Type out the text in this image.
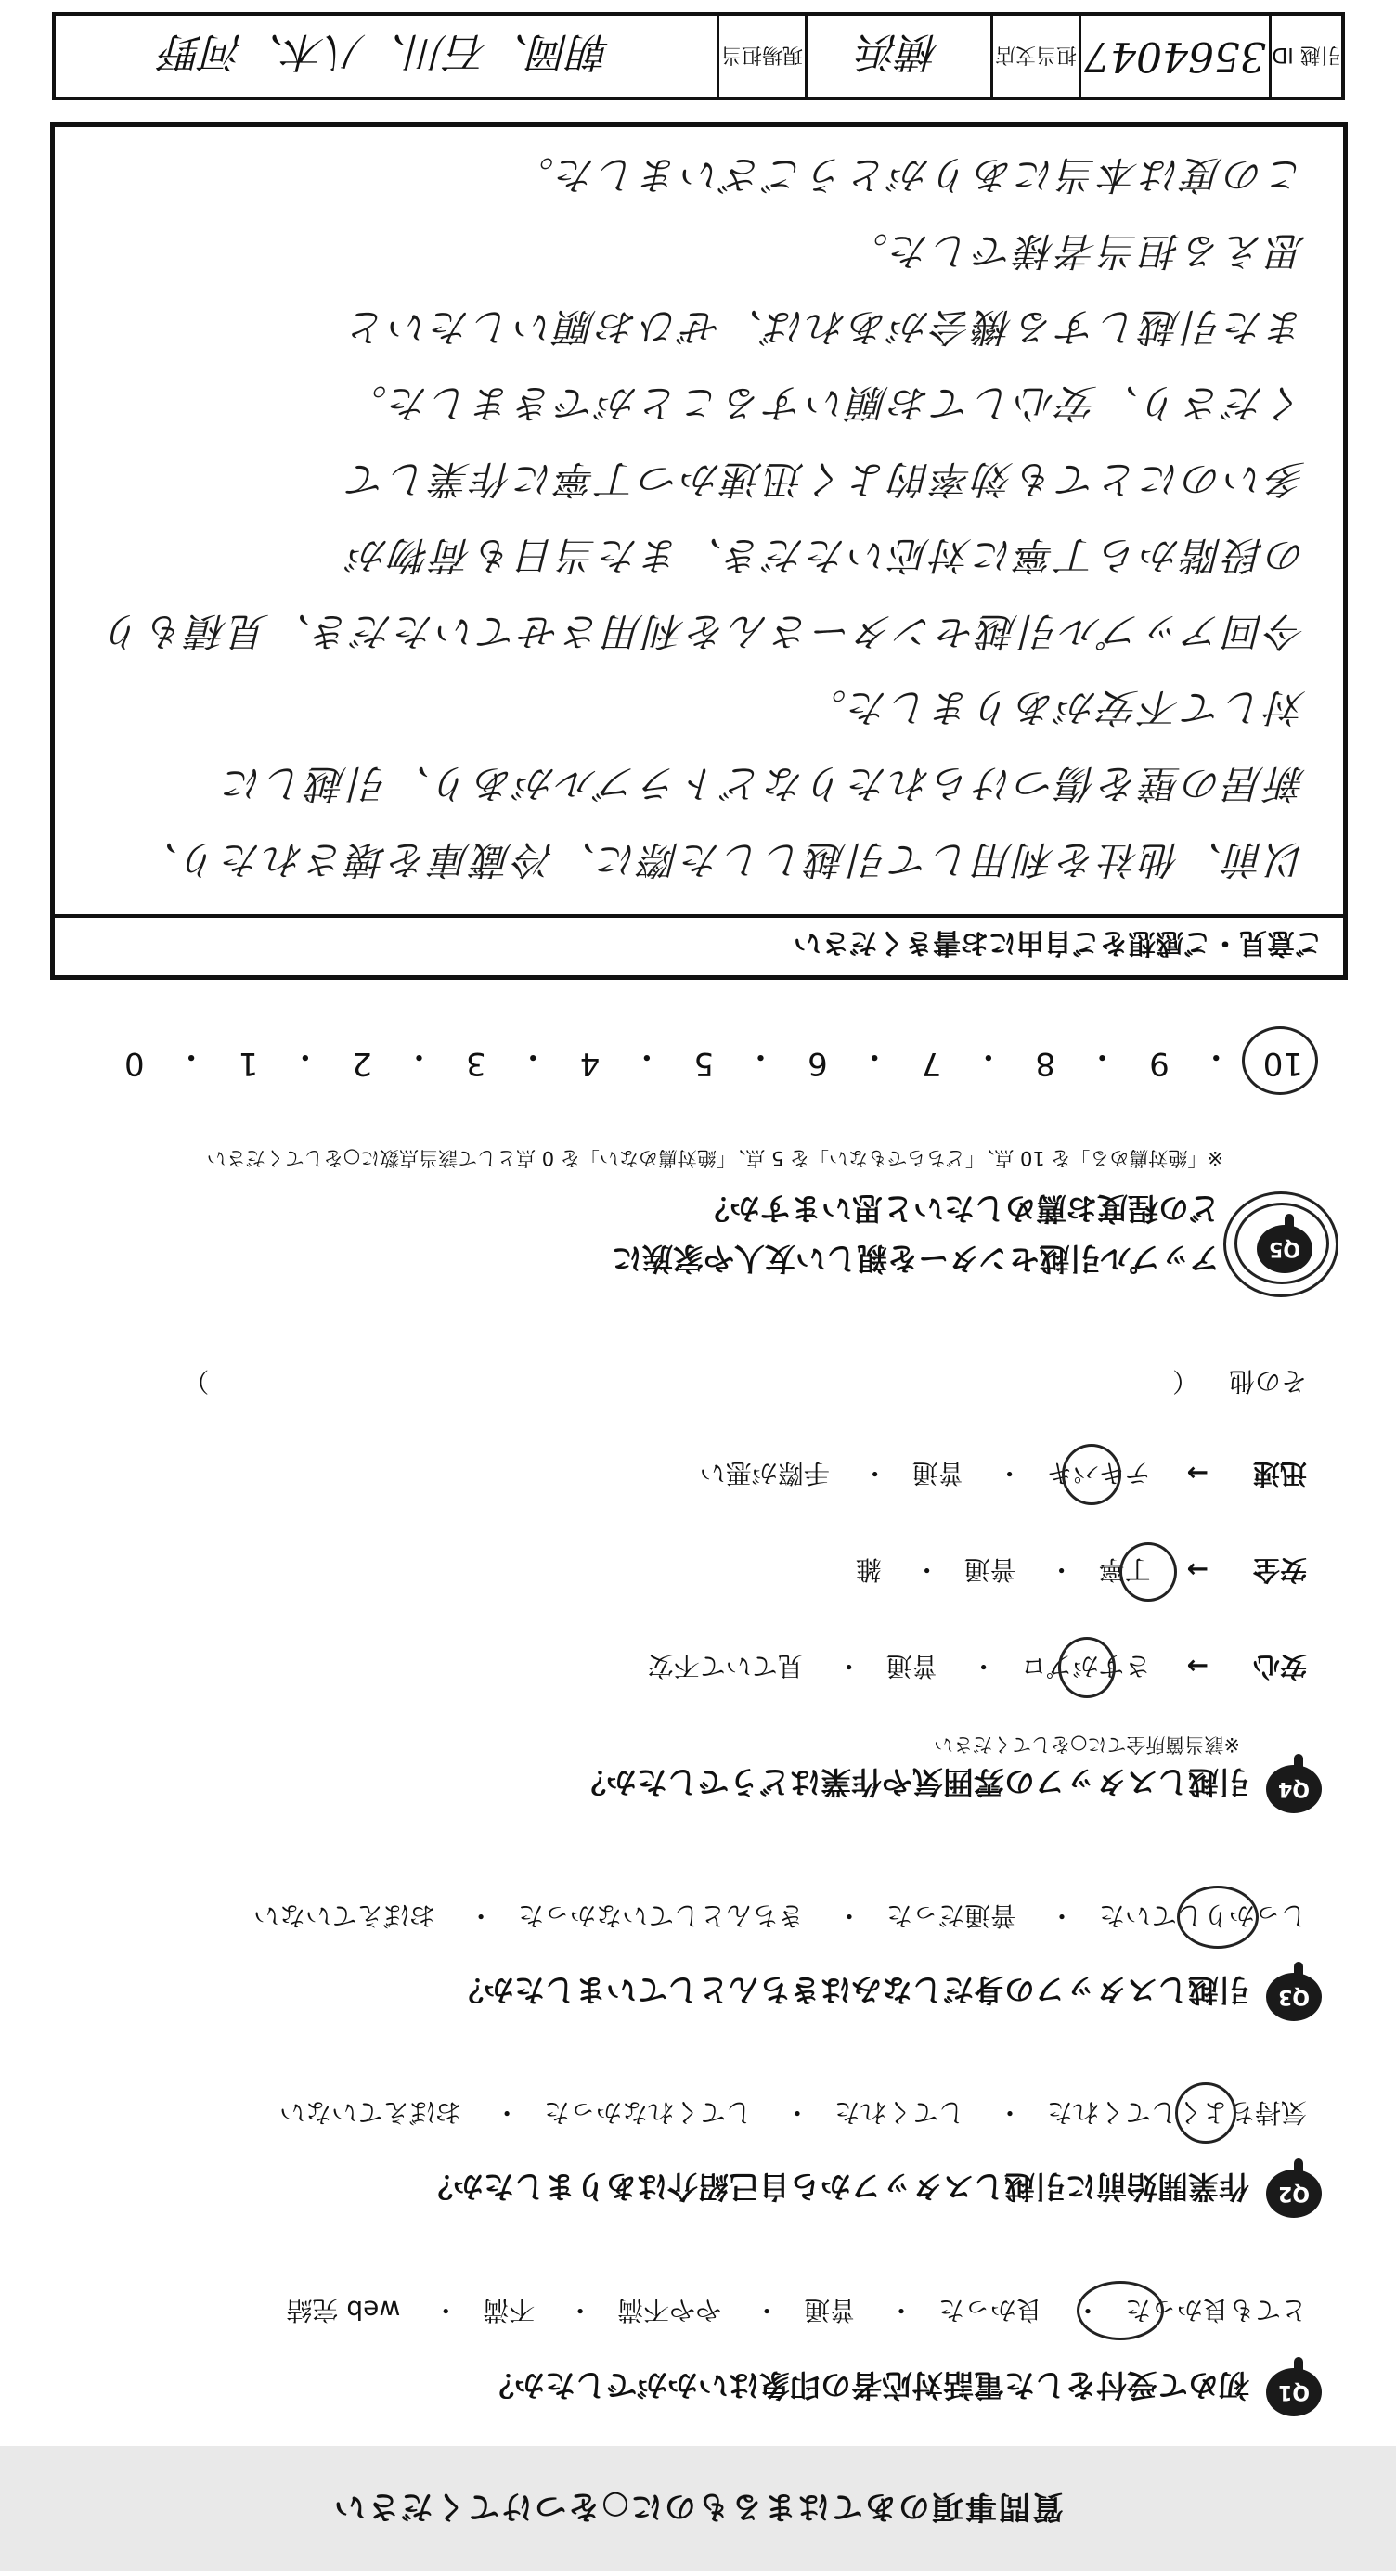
質問事項のあてはまるものに○をつけてください
Q1
初めて受付をした電話対応者の印象はいかがでしたか？
とても良かった・ 良かった・ 普通・ やや不満・ 不満・ web 完結
Q2
作業開始前に引越しスタッフから自己紹介はありましたか？
気持ちよくしてくれた・ してくれた・ してくれなかった・ おぼえていない
Q3
引越しスタッフの身だしなみはきちんとしていましたか？
しっかりしていた・ 普通だった・ きちんとしていなかった・ おぼえていない
Q4
引越しスタッフの雰囲気や作業はどうでしたか？
※該当箇所全てに○をしてください
安心→ さすがプロ・ 普通・ 見ていて不安
安全→ 丁寧・ 普通・ 雑
迅速→ テキパキ・ 普通・ 手際が悪い
その他 （  ）
Q5
アップル引越センターを親しい友人や家族に
どの程度お薦めしたいと思いますか？
※「絶対薦める」を 10 点、「どちらでもない」を 5 点、「絶対薦めない」を 0 点として該当点数に○をしてください
10
・
9
・
8
・
7
・
6
・
5
・
4
・
3
・
2
・
1
・
0
ご意見・ご感想をご自由にお書きください
以前、他社を利用して引越しした際に、冷蔵庫を壊されたり、
新居の壁を傷つけられたりなどトラブルがあり、引越しに
対して不安がありました。
今回アップル引越センターさんを利用させていただき、見積もり
の段階から丁寧に対応いただき、また当日も荷物が
多いのにとても効率的よく迅速かつ丁寧に作業して
くださり、安心してお願いすることができました。
また引越しする機会があれば、ぜひお願いしたいと
思える担当者様でした。
この度は本当にありがとうございました。
引越 ID
3564047
担当支店
横浜
現場担当
朝岡、石川、八木、河野
